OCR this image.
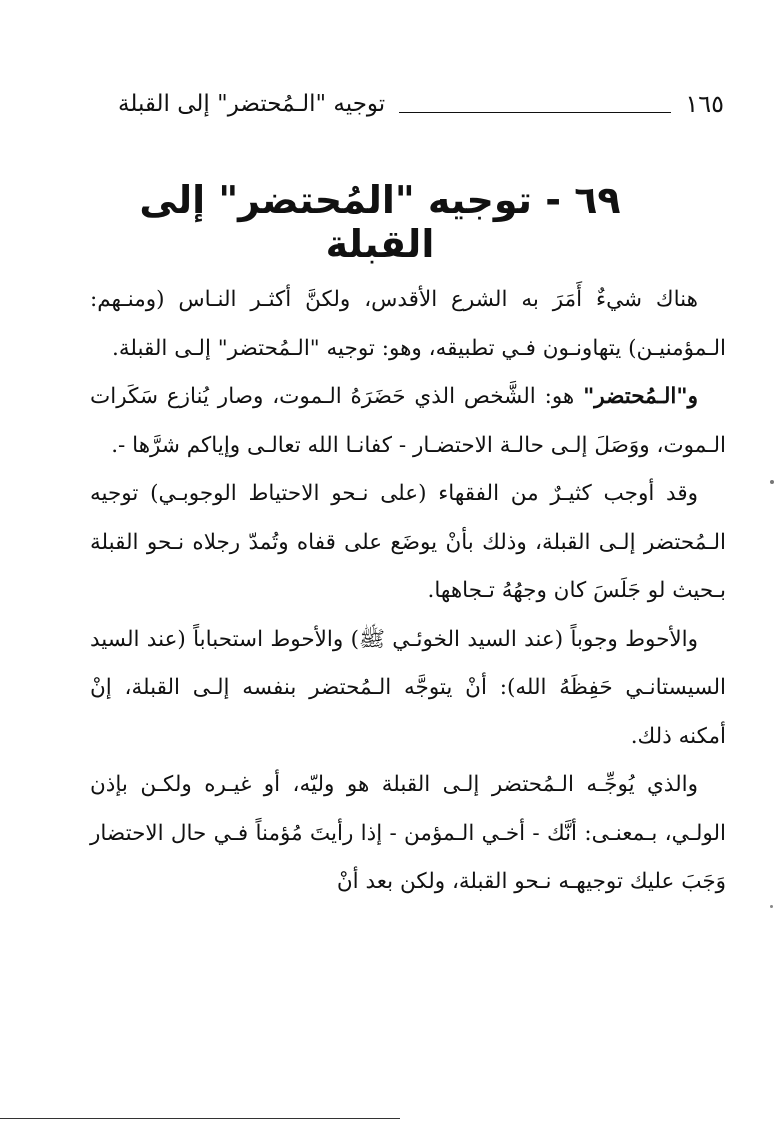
توجيه "الـمُحتضر" إلى القبلة	١٦٥
٦٩ - توجيه "المُحتضر" إلى القبلة

هناك شيءٌ أَمَرَ به الشرع الأقدس، ولكنَّ أكثـر النـاس (ومنـهم: الـمؤمنيـن) يتهاونـون فـي تطبيقه، وهو: توجيه "الـمُحتضر" إلـى القبلة.

و"الـمُحتضر" هو: الشَّخص الذي حَضَرَهُ الـموت، وصار يُنازع سَكَرات الـموت، ووَصَلَ إلـى حالـة الاحتضـار - كفانـا الله تعالـى وإياكم شرَّها -.

وقد أوجب كثيـرٌ من الفقهاء (على نـحو الاحتياط الوجوبـي) توجيه الـمُحتضر إلـى القبلة، وذلك بأنْ يوضَع على قفاه وتُمدّ رجلاه نـحو القبلة بـحيث لو جَلَسَ كان وجهُهُ تـجاهها.

والأحوط وجوباً (عند السيد الخوئـي ﷺ) والأحوط استحباباً (عند السيد السيستانـي حَفِظَهُ الله): أنْ يتوجَّه الـمُحتضر بنفسه إلـى القبلة، إنْ أمكنه ذلك.

والذي يُوجِّـه الـمُحتضر إلـى القبلة هو وليّه، أو غيـره ولكـن بإذن الولـي، بـمعنـى: أنَّك - أخـي الـمؤمن - إذا رأيتَ مُؤمناً فـي حال الاحتضار وَجَبَ عليك توجيهـه نـحو القبلة، ولكن بعد أنْ
